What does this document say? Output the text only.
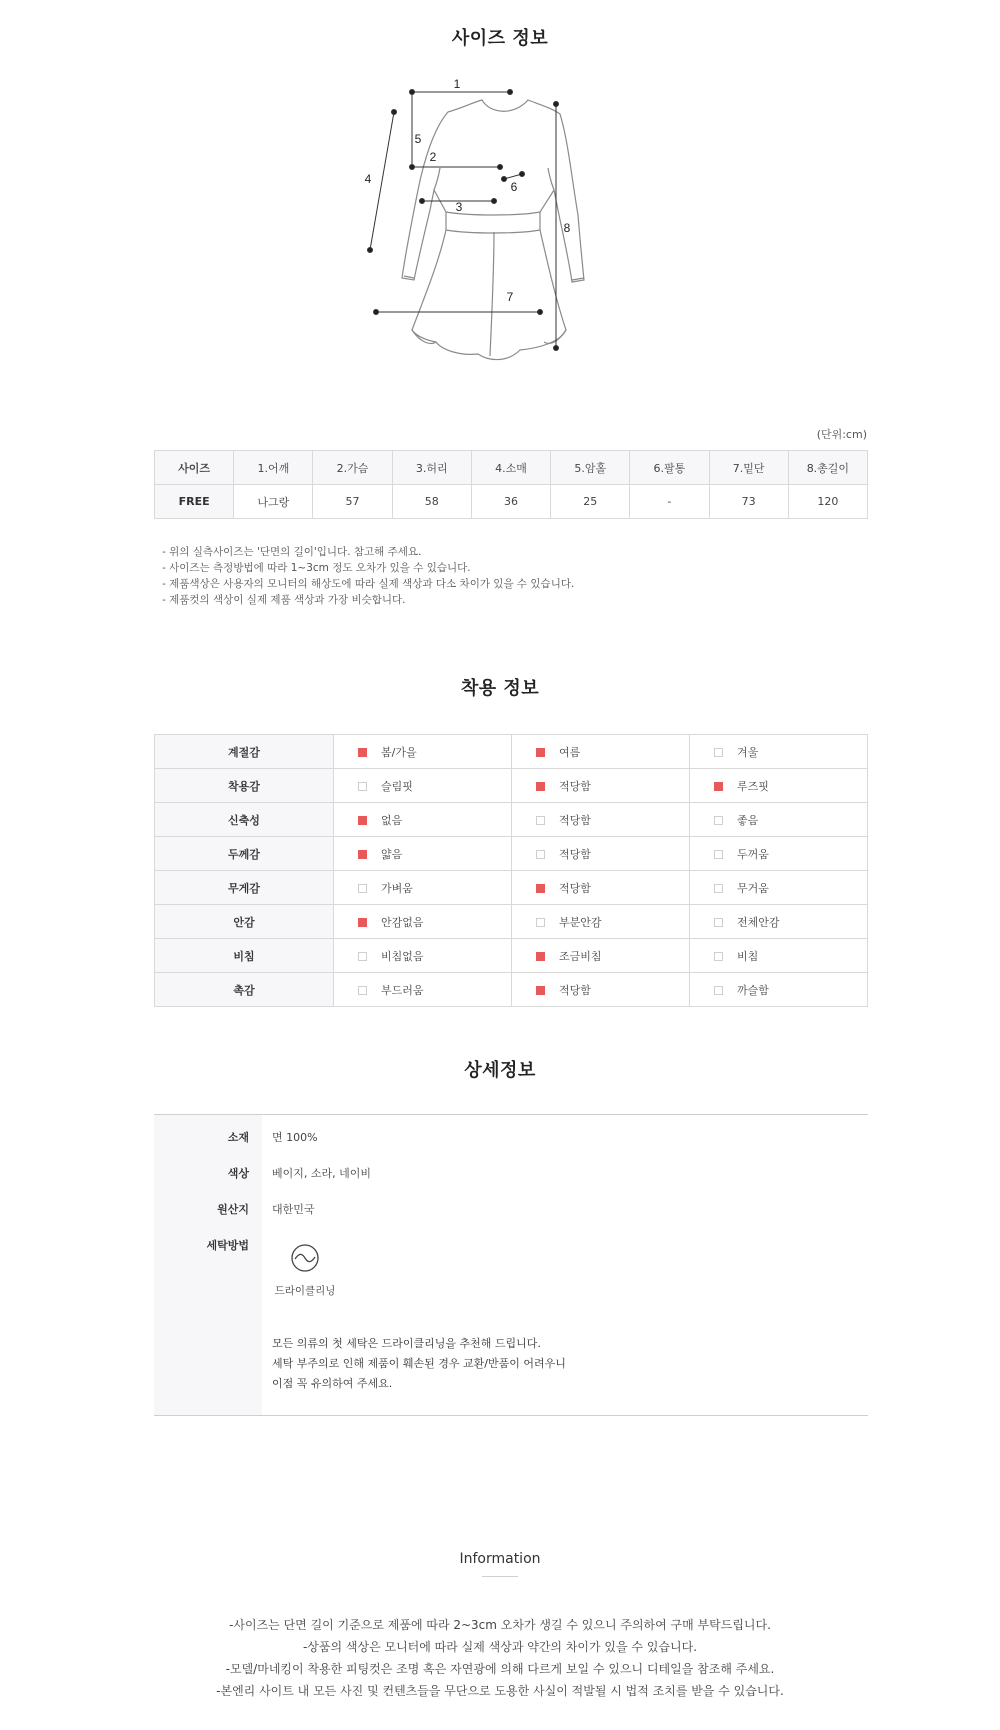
사이즈 정보
1
2
3
4
5
6
7
8
(단위:cm)
사이즈	1.어깨	2.가슴	3.허리	4.소매	5.암홀	6.팔통	7.밑단	8.총길이
FREE	나그랑	57	58	36	25	-	73	120
- 위의 실측사이즈는 '단면의 길이'입니다. 참고해 주세요.
- 사이즈는 측정방법에 따라 1~3cm 정도 오차가 있을 수 있습니다.
- 제품색상은 사용자의 모니터의 해상도에 따라 실제 색상과 다소 차이가 있을 수 있습니다.
- 제품컷의 색상이 실제 제품 색상과 가장 비슷합니다.
착용 정보
계절감	봄/가을	여름	겨울
착용감	슬림핏	적당함	루즈핏
신축성	없음	적당함	좋음
두께감	얇음	적당함	두꺼움
무게감	가벼움	적당함	무거움
안감	안감없음	부분안감	전체안감
비침	비침없음	조금비침	비침
촉감	부드러움	적당함	까슬함
상세정보
소재 면 100%
색상 베이지, 소라, 네이비
원산지 대한민국
세탁방법
드라이클리닝
모든 의류의 첫 세탁은 드라이클리닝을 추천해 드립니다.
세탁 부주의로 인해 제품이 훼손된 경우 교환/반품이 어려우니
이점 꼭 유의하여 주세요.
Information
-사이즈는 단면 길이 기준으로 제품에 따라 2~3cm 오차가 생길 수 있으니 주의하여 구매 부탁드립니다.
-상품의 색상은 모니터에 따라 실제 색상과 약간의 차이가 있을 수 있습니다.
-모델/마네킹이 착용한 피팅컷은 조명 혹은 자연광에 의해 다르게 보일 수 있으니 디테일을 참조해 주세요.
-본엔리 사이트 내 모든 사진 및 컨텐츠들을 무단으로 도용한 사실이 적발될 시 법적 조치를 받을 수 있습니다.
